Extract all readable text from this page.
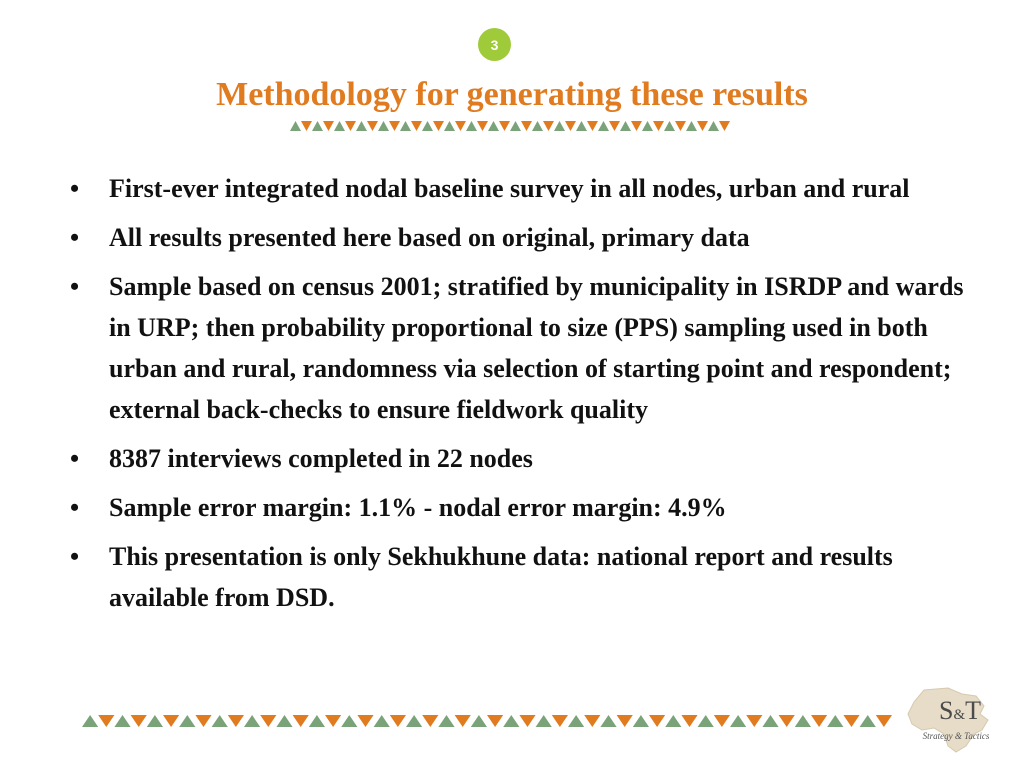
3
Methodology for generating these results
• First-ever integrated nodal baseline survey in all nodes, urban and rural
• All results presented here based on original, primary data
• Sample based on census 2001; stratified by municipality in ISRDP and wards in URP; then probability proportional to size (PPS) sampling used in both urban and rural, randomness via selection of starting point and respondent; external back-checks to ensure fieldwork quality
• 8387 interviews completed in 22 nodes
• Sample error margin: 1.1% - nodal error margin: 4.9%
• This presentation is only Sekhukhune data: national report and results available from DSD.
S&T
Strategy & Tactics
